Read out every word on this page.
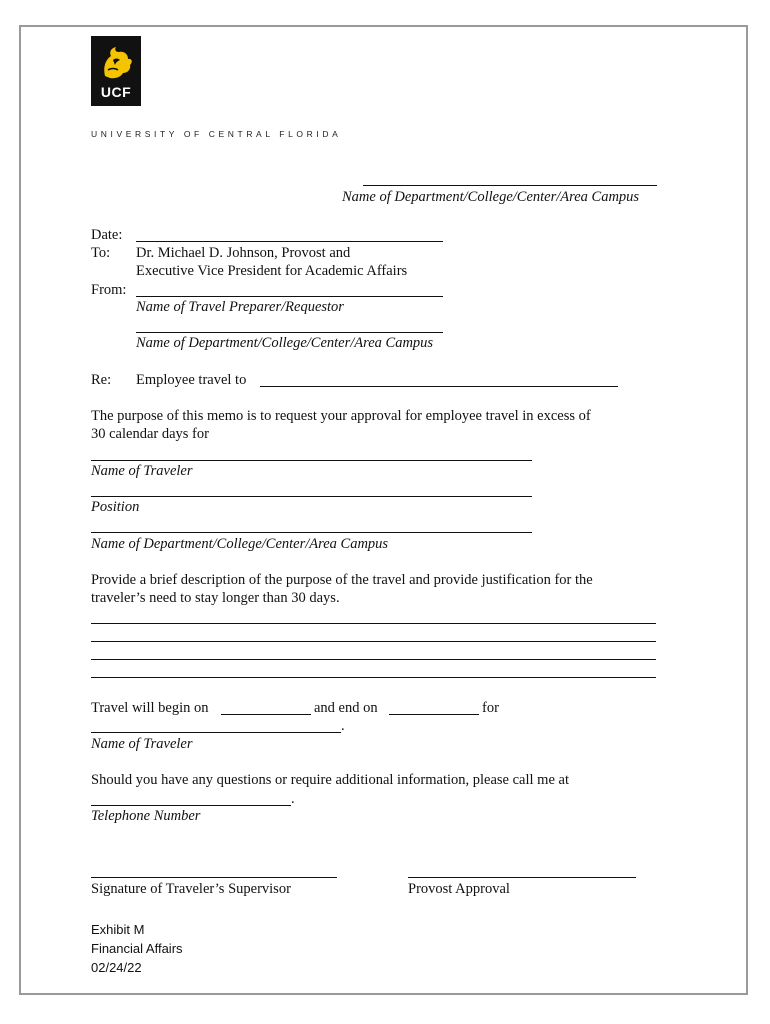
UCF
UNIVERSITY OF CENTRAL FLORIDA
Name of Department/College/Center/Area Campus
Date:
To: Dr. Michael D. Johnson, Provost and
Executive Vice President for Academic Affairs
From:
Name of Travel Preparer/Requestor
Name of Department/College/Center/Area Campus
Re: Employee travel to
The purpose of this memo is to request your approval for employee travel in excess of
30 calendar days for
Name of Traveler
Position
Name of Department/College/Center/Area Campus
Provide a brief description of the purpose of the travel and provide justification for the
traveler’s need to stay longer than 30 days.
Travel will begin on	and end on	for
.
Name of Traveler
Should you have any questions or require additional information, please call me at
.
Telephone Number
Signature of Traveler’s Supervisor	Provost Approval
Exhibit M
Financial Affairs
02/24/22
